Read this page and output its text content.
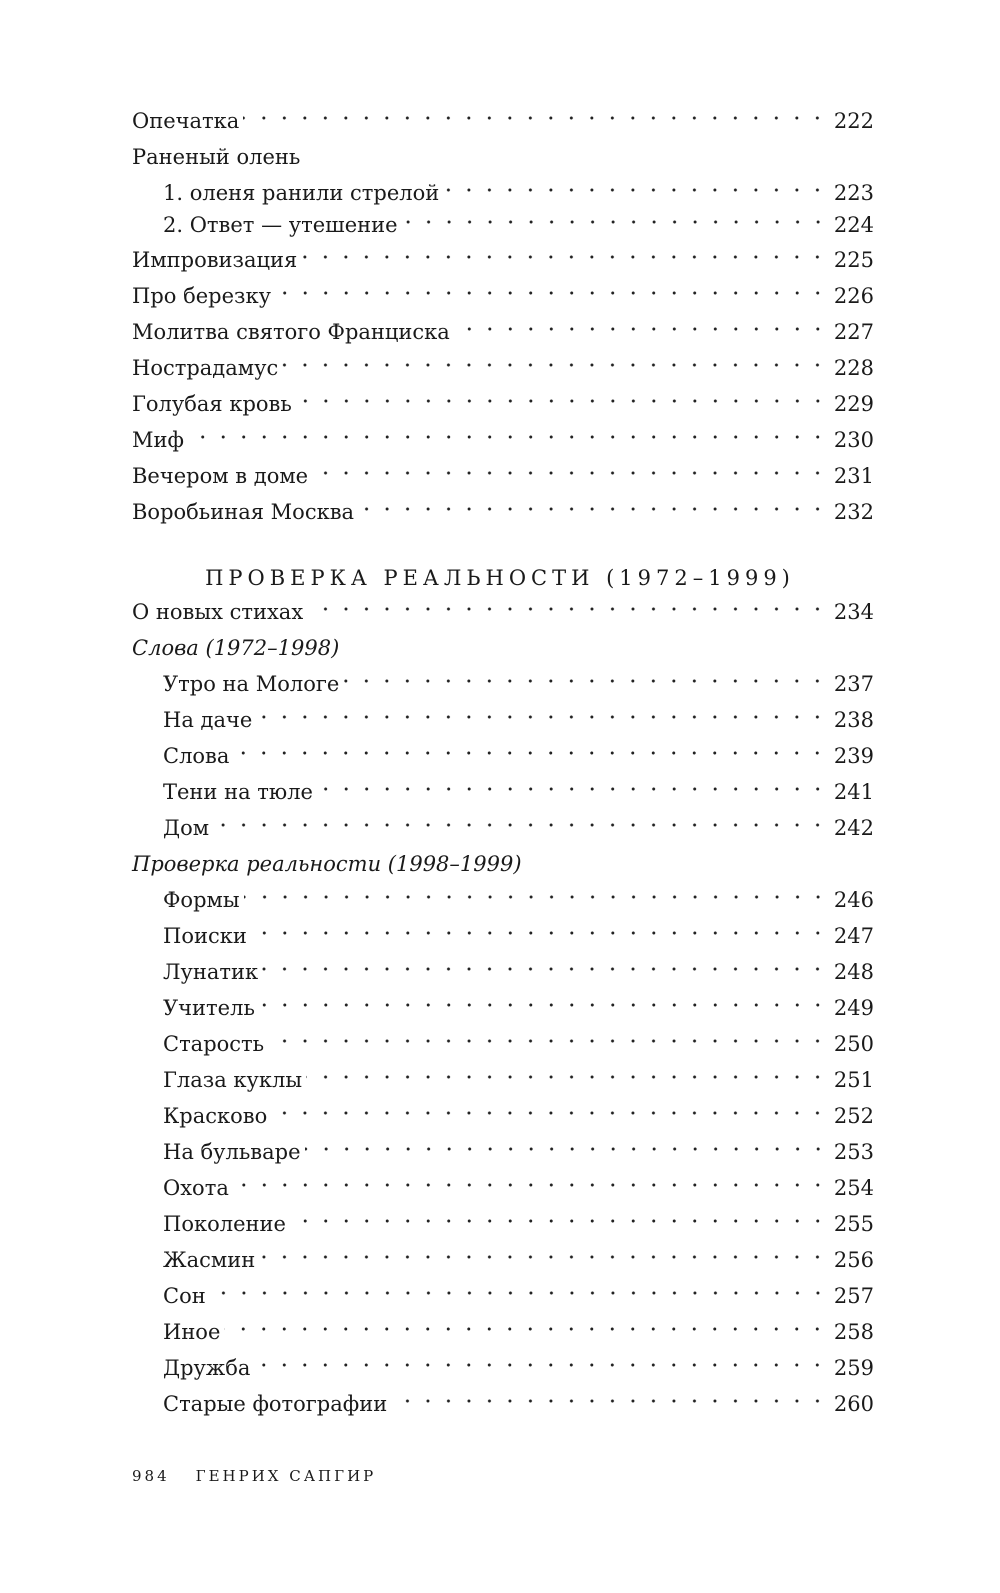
Опечатка	222
Раненый олень
1. оленя ранили стрелой	223
2. Ответ — утешение	224
Импровизация	225
Про березку	226
Молитва святого Франциска	227
Нострадамус	228
Голубая кровь	229
Миф	230
Вечером в доме	231
Воробьиная Москва	232
О новых стихах	234
Слова (1972–1998)
Утро на Мологе	237
На даче	238
Слова	239
Тени на тюле	241
Дом	242
Проверка реальности (1998–1999)
Формы	246
Поиски	247
Лунатик	248
Учитель	249
Старость	250
Глаза куклы	251
Красково	252
На бульваре	253
Охота	254
Поколение	255
Жасмин	256
Сон	257
Иное	258
Дружба	259
Старые фотографии	260
ПРОВЕРКА РЕАЛЬНОСТИ (1972–1999)
984 ГЕНРИХ САПГИР
